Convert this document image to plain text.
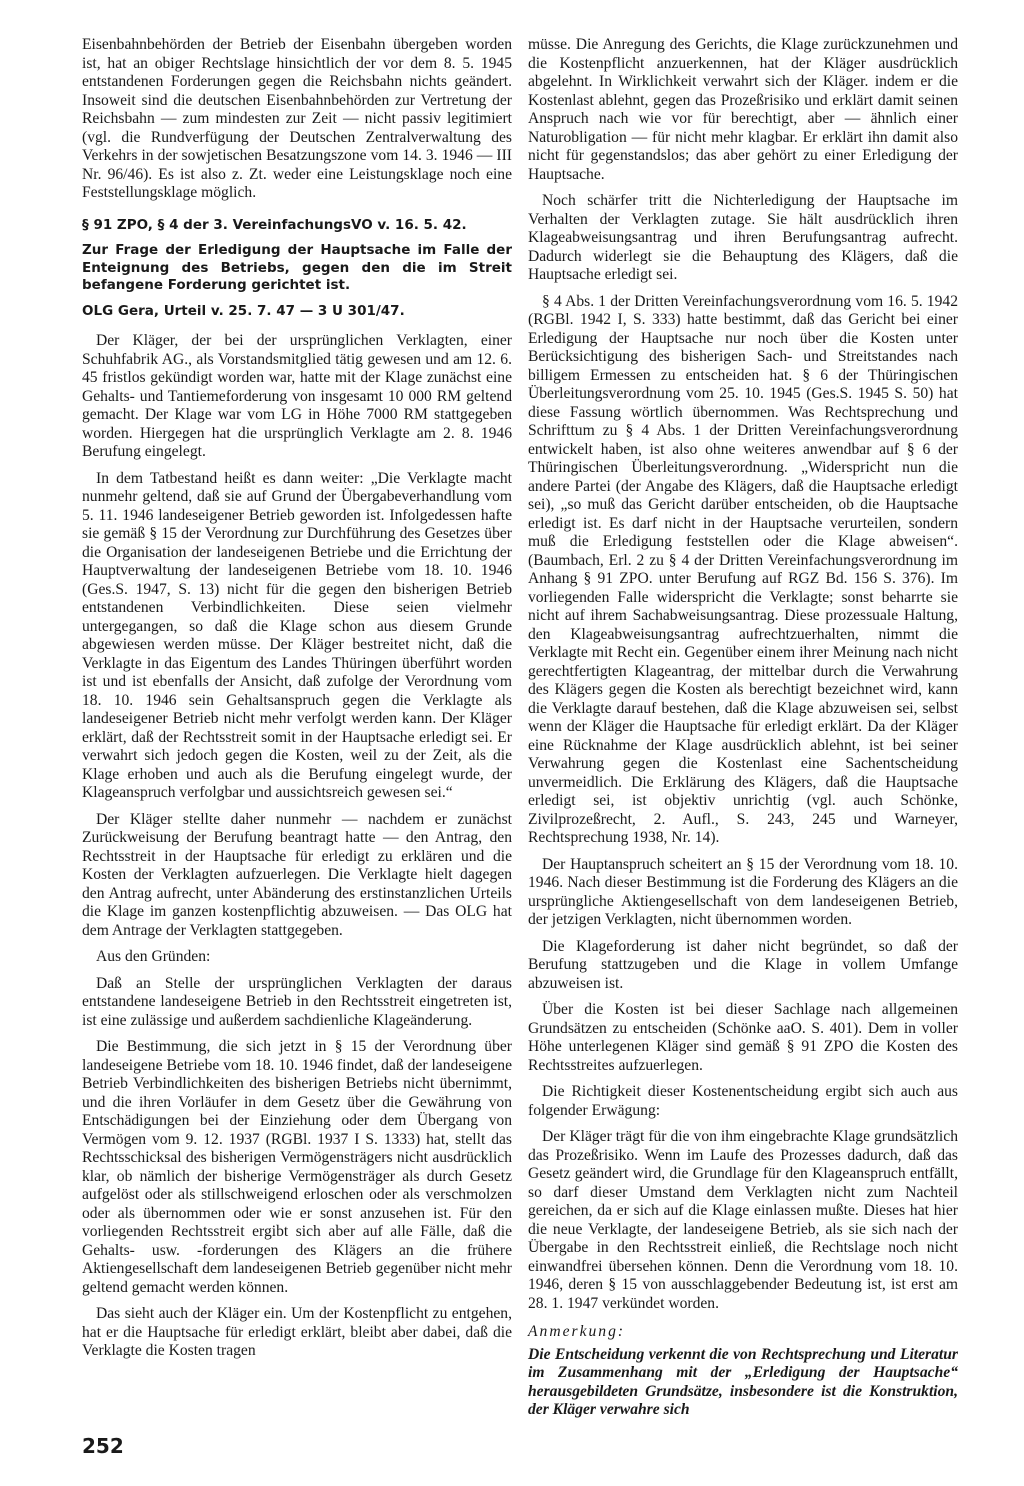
Eisenbahnbehörden der Betrieb der Eisenbahn übergeben worden ist, hat an obiger Rechtslage hinsichtlich der vor dem 8. 5. 1945 entstandenen Forderungen gegen die Reichsbahn nichts geändert. Insoweit sind die deutschen Eisenbahnbehörden zur Vertretung der Reichsbahn — zum mindesten zur Zeit — nicht passiv legitimiert (vgl. die Rundverfügung der Deutschen Zentralverwaltung des Verkehrs in der sowjetischen Besatzungszone vom 14. 3. 1946 — III Nr. 96/46). Es ist also z. Zt. weder eine Leistungsklage noch eine Feststellungsklage möglich.

§ 91 ZPO, § 4 der 3. VereinfachungsVO v. 16. 5. 42.

Zur Frage der Erledigung der Hauptsache im Falle der Enteignung des Betriebs, gegen den die im Streit befangene Forderung gerichtet ist.

OLG Gera, Urteil v. 25. 7. 47 — 3 U 301/47.

Der Kläger, der bei der ursprünglichen Verklagten, einer Schuhfabrik AG., als Vorstandsmitglied tätig gewesen und am 12. 6. 45 fristlos gekündigt worden war, hatte mit der Klage zunächst eine Gehalts- und Tantiemeforderung von insgesamt 10 000 RM geltend gemacht. Der Klage war vom LG in Höhe 7000 RM stattgegeben worden. Hiergegen hat die ursprünglich Verklagte am 2. 8. 1946 Berufung eingelegt.

In dem Tatbestand heißt es dann weiter: „Die Verklagte macht nunmehr geltend, daß sie auf Grund der Übergabeverhandlung vom 5. 11. 1946 landeseigener Betrieb geworden ist. Infolgedessen hafte sie gemäß § 15 der Verordnung zur Durchführung des Gesetzes über die Organisation der landeseigenen Betriebe und die Errichtung der Hauptverwaltung der landeseigenen Betriebe vom 18. 10. 1946 (Ges.S. 1947, S. 13) nicht für die gegen den bisherigen Betrieb entstandenen Verbindlichkeiten. Diese seien vielmehr untergegangen, so daß die Klage schon aus diesem Grunde abgewiesen werden müsse. Der Kläger bestreitet nicht, daß die Verklagte in das Eigentum des Landes Thüringen überführt worden ist und ist ebenfalls der Ansicht, daß zufolge der Verordnung vom 18. 10. 1946 sein Gehaltsanspruch gegen die Verklagte als landeseigener Betrieb nicht mehr verfolgt werden kann. Der Kläger erklärt, daß der Rechtsstreit somit in der Hauptsache erledigt sei. Er verwahrt sich jedoch gegen die Kosten, weil zu der Zeit, als die Klage erhoben und auch als die Berufung eingelegt wurde, der Klageanspruch verfolgbar und aussichtsreich gewesen sei.“

Der Kläger stellte daher nunmehr — nachdem er zunächst Zurückweisung der Berufung beantragt hatte — den Antrag, den Rechtsstreit in der Hauptsache für erledigt zu erklären und die Kosten der Verklagten aufzuerlegen. Die Verklagte hielt dagegen den Antrag aufrecht, unter Abänderung des erstinstanzlichen Urteils die Klage im ganzen kostenpflichtig abzuweisen. — Das OLG hat dem Antrage der Verklagten stattgegeben.

Aus den Gründen:

Daß an Stelle der ursprünglichen Verklagten der daraus entstandene landeseigene Betrieb in den Rechtsstreit eingetreten ist, ist eine zulässige und außerdem sachdienliche Klageänderung.

Die Bestimmung, die sich jetzt in § 15 der Verordnung über landeseigene Betriebe vom 18. 10. 1946 findet, daß der landeseigene Betrieb Verbindlichkeiten des bisherigen Betriebs nicht übernimmt, und die ihren Vorläufer in dem Gesetz über die Gewährung von Entschädigungen bei der Einziehung oder dem Übergang von Vermögen vom 9. 12. 1937 (RGBl. 1937 I S. 1333) hat, stellt das Rechtsschicksal des bisherigen Vermögensträgers nicht ausdrücklich klar, ob nämlich der bisherige Vermögensträger als durch Gesetz aufgelöst oder als stillschweigend erloschen oder als verschmolzen oder als übernommen oder wie er sonst anzusehen ist. Für den vorliegenden Rechtsstreit ergibt sich aber auf alle Fälle, daß die Gehalts- usw. -forderungen des Klägers an die frühere Aktiengesellschaft dem landeseigenen Betrieb gegenüber nicht mehr geltend gemacht werden können.

Das sieht auch der Kläger ein. Um der Kostenpflicht zu entgehen, hat er die Hauptsache für erledigt erklärt, bleibt aber dabei, daß die Verklagte die Kosten tragen

müsse. Die Anregung des Gerichts, die Klage zurückzunehmen und die Kostenpflicht anzuerkennen, hat der Kläger ausdrücklich abgelehnt. In Wirklichkeit verwahrt sich der Kläger. indem er die Kostenlast ablehnt, gegen das Prozeßrisiko und erklärt damit seinen Anspruch nach wie vor für berechtigt, aber — ähnlich einer Naturobligation — für nicht mehr klagbar. Er erklärt ihn damit also nicht für gegenstandslos; das aber gehört zu einer Erledigung der Hauptsache.

Noch schärfer tritt die Nichterledigung der Hauptsache im Verhalten der Verklagten zutage. Sie hält ausdrücklich ihren Klageabweisungsantrag und ihren Berufungsantrag aufrecht. Dadurch widerlegt sie die Behauptung des Klägers, daß die Hauptsache erledigt sei.

§ 4 Abs. 1 der Dritten Vereinfachungsverordnung vom 16. 5. 1942 (RGBl. 1942 I, S. 333) hatte bestimmt, daß das Gericht bei einer Erledigung der Hauptsache nur noch über die Kosten unter Berücksichtigung des bisherigen Sach- und Streitstandes nach billigem Ermessen zu entscheiden hat. § 6 der Thüringischen Überleitungsverordnung vom 25. 10. 1945 (Ges.S. 1945 S. 50) hat diese Fassung wörtlich übernommen. Was Rechtsprechung und Schrifttum zu § 4 Abs. 1 der Dritten Vereinfachungsverordnung entwickelt haben, ist also ohne weiteres anwendbar auf § 6 der Thüringischen Überleitungsverordnung. „Widerspricht nun die andere Partei (der Angabe des Klägers, daß die Hauptsache erledigt sei), „so muß das Gericht darüber entscheiden, ob die Hauptsache erledigt ist. Es darf nicht in der Hauptsache verurteilen, sondern muß die Erledigung feststellen oder die Klage abweisen“. (Baumbach, Erl. 2 zu § 4 der Dritten Vereinfachungsverordnung im Anhang § 91 ZPO. unter Berufung auf RGZ Bd. 156 S. 376). Im vorliegenden Falle widerspricht die Verklagte; sonst beharrte sie nicht auf ihrem Sachabweisungsantrag. Diese prozessuale Haltung, den Klageabweisungsantrag aufrechtzuerhalten, nimmt die Verklagte mit Recht ein. Gegenüber einem ihrer Meinung nach nicht gerechtfertigten Klageantrag, der mittelbar durch die Verwahrung des Klägers gegen die Kosten als berechtigt bezeichnet wird, kann die Verklagte darauf bestehen, daß die Klage abzuweisen sei, selbst wenn der Kläger die Hauptsache für erledigt erklärt. Da der Kläger eine Rücknahme der Klage ausdrücklich ablehnt, ist bei seiner Verwahrung gegen die Kostenlast eine Sachentscheidung unvermeidlich. Die Erklärung des Klägers, daß die Hauptsache erledigt sei, ist objektiv unrichtig (vgl. auch Schönke, Zivilprozeßrecht, 2. Aufl., S. 243, 245 und Warneyer, Rechtsprechung 1938, Nr. 14).

Der Hauptanspruch scheitert an § 15 der Verordnung vom 18. 10. 1946. Nach dieser Bestimmung ist die Forderung des Klägers an die ursprüngliche Aktiengesellschaft von dem landeseigenen Betrieb, der jetzigen Verklagten, nicht übernommen worden.

Die Klageforderung ist daher nicht begründet, so daß der Berufung stattzugeben und die Klage in vollem Umfange abzuweisen ist.

Über die Kosten ist bei dieser Sachlage nach allgemeinen Grundsätzen zu entscheiden (Schönke aaO. S. 401). Dem in voller Höhe unterlegenen Kläger sind gemäß § 91 ZPO die Kosten des Rechtsstreites aufzuerlegen.

Die Richtigkeit dieser Kostenentscheidung ergibt sich auch aus folgender Erwägung:

Der Kläger trägt für die von ihm eingebrachte Klage grundsätzlich das Prozeßrisiko. Wenn im Laufe des Prozesses dadurch, daß das Gesetz geändert wird, die Grundlage für den Klageanspruch entfällt, so darf dieser Umstand dem Verklagten nicht zum Nachteil gereichen, da er sich auf die Klage einlassen mußte. Dieses hat hier die neue Verklagte, der landeseigene Betrieb, als sie sich nach der Übergabe in den Rechtsstreit einließ, die Rechtslage noch nicht einwandfrei übersehen können. Denn die Verordnung vom 18. 10. 1946, deren § 15 von ausschlaggebender Bedeutung ist, ist erst am 28. 1. 1947 verkündet worden.

Anmerkung:

Die Entscheidung verkennt die von Rechtsprechung und Literatur im Zusammenhang mit der „Erledigung der Hauptsache“ herausgebildeten Grundsätze, insbesondere ist die Konstruktion, der Kläger verwahre sich

252
